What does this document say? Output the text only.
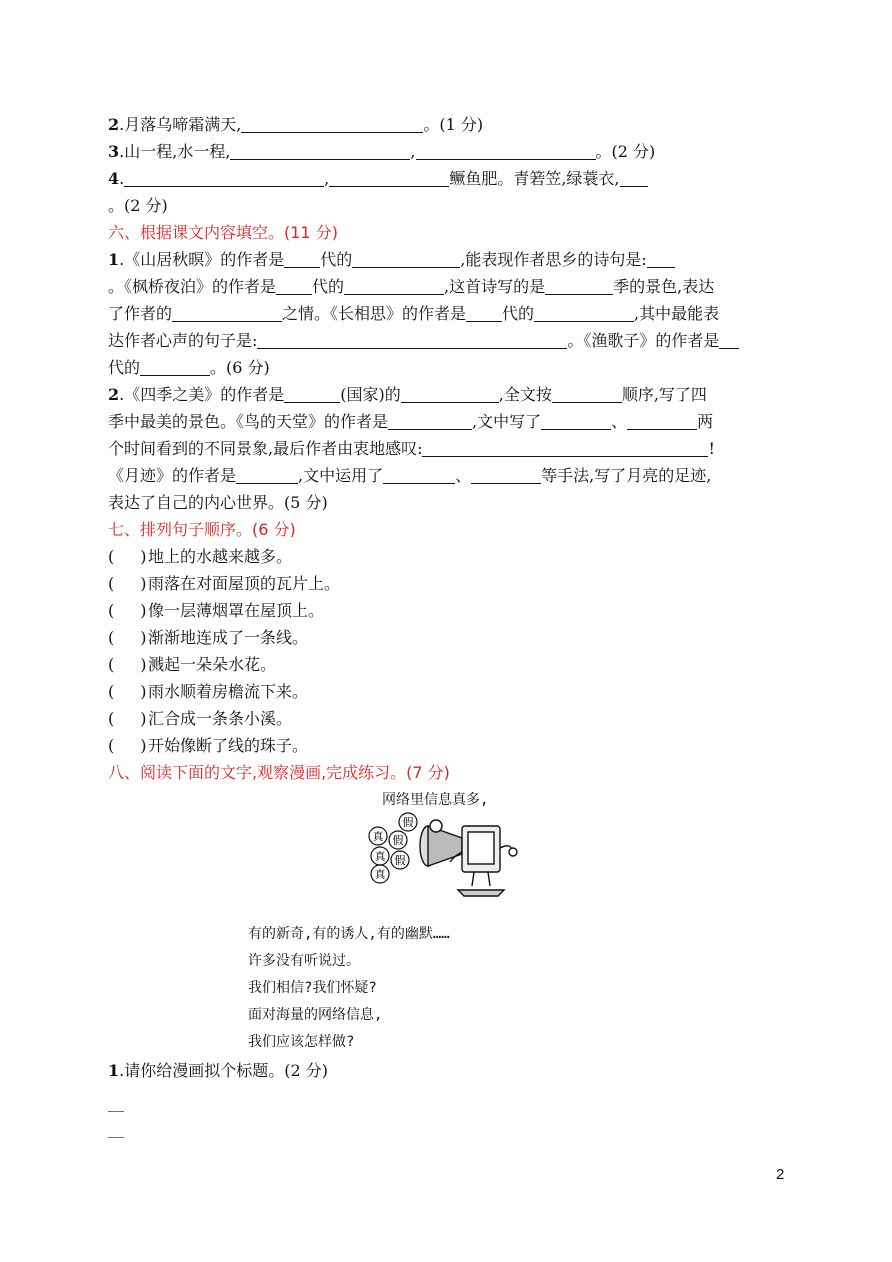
2.月落乌啼霜满天,	。(1 分)
3.山一程,水一程,	,	。(2 分)
4.	,	鳜鱼肥。青箬笠,绿蓑衣,
。(2 分)
六、根据课文内容填空。(11 分)
1.《山居秋暝》的作者是 代的	,能表现作者思乡的诗句是:
。《枫桥夜泊》的作者是 代的	,这首诗写的是	季的景色,表达
了作者的	之情。《长相思》的作者是 代的	,其中最能表
达作者心声的句子是:	。《渔歌子》的作者是
代的	。(6 分)
2.《四季之美》的作者是	(国家)的	,全文按	顺序,写了四
季中最美的景色。《鸟的天堂》的作者是	,文中写了	、	两
个时间看到的不同景象,最后作者由衷地感叹:	!
《月迹》的作者是	,文中运用了	、	等手法,写了月亮的足迹,
表达了自己的内心世界。(5 分)
七、排列句子顺序。(6 分)
( )地上的水越来越多。
( )雨落在对面屋顶的瓦片上。
( )像一层薄烟罩在屋顶上。
( )渐渐地连成了一条线。
( )溅起一朵朵水花。
( )雨水顺着房檐流下来。
( )汇合成一条条小溪。
( )开始像断了线的珠子。
八、阅读下面的文字,观察漫画,完成练习。(7 分)
网络里信息真多,
假
真 假
真 假
真
有的新奇,有的诱人,有的幽默……
许多没有听说过。
我们相信?我们怀疑?
面对海量的网络信息,
我们应该怎样做?
1.请你给漫画拟个标题。(2 分)
__
__
2
